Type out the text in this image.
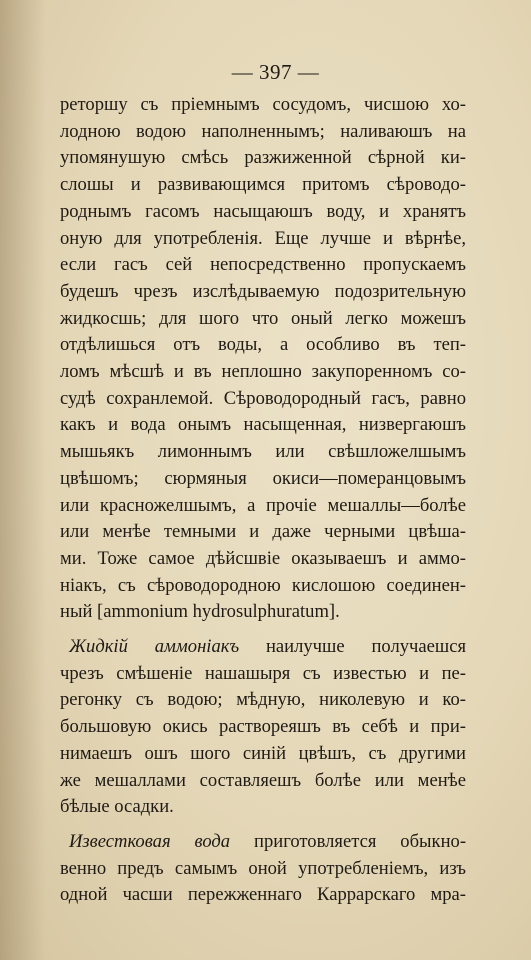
— 397 —
реторшу съ пріемнымъ сосудомъ, чисшою хо-
лодною водою наполненнымъ; наливаюшъ на
упомянушую смѣсь разжиженной сѣрной ки-
слошы и развивающимся притомъ сѣроводо-
роднымъ гасомъ насыщаюшъ воду, и хранятъ
оную для употребленія. Еще лучше и вѣрнѣе,
если гасъ сей непосредственно пропускаемъ
будешъ чрезъ изслѣдываемую подозрительную
жидкосшь; для шого что оный легко можешъ
отдѣлишься отъ воды, а особливо въ теп-
ломъ мѣсшѣ и въ неплошно закупоренномъ со-
судѣ сохранлемой. Сѣроводородный гасъ, равно
какъ и вода онымъ насыщенная, низвергаюшъ
мышьякъ лимоннымъ или свѣшложелшымъ
цвѣшомъ; сюрмяныя окиси—померанцовымъ
или красножелшымъ, а прочіе мешаллы—болѣе
или менѣе темными и даже черными цвѣша-
ми. Тоже самое дѣйсшвіе оказываешъ и аммо-
ніакъ, съ сѣроводородною кислошою соединен-
ный [ammonium hydrosulphuratum].
Жидкій аммоніакъ наилучше получаешся
чрезъ смѣшеніе нашашыря съ известью и пе-
регонку съ водою; мѣдную, николевую и ко-
большовую окись раствореяшъ въ себѣ и при-
нимаешъ ошъ шого синій цвѣшъ, съ другими
же мешаллами составляешъ болѣе или менѣе
бѣлые осадки.
Известковая вода приготовляется обыкно-
венно предъ самымъ оной употребленіемъ, изъ
одной часши пережженнаго Каррарскаго мра-
